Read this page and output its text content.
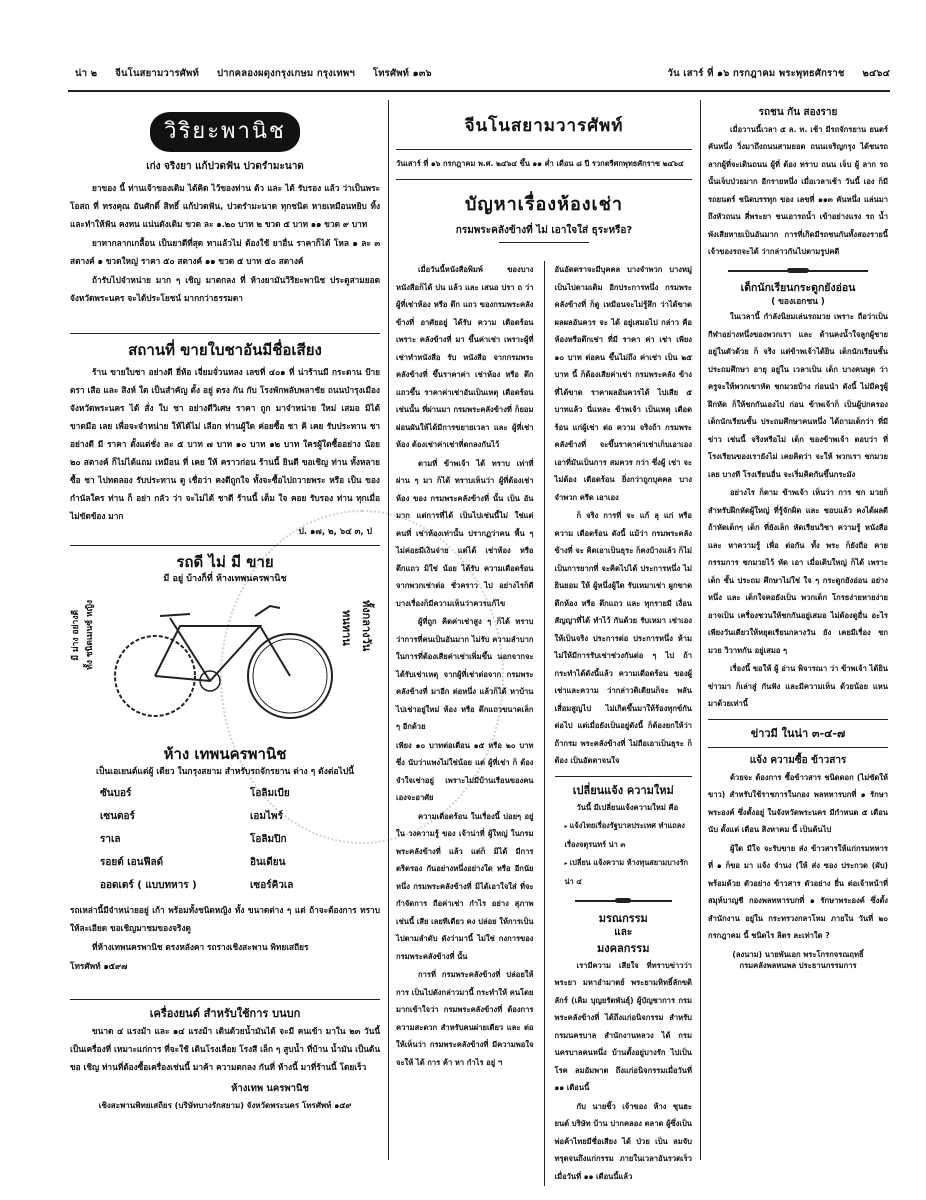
น่า ๒ จีนโนสยามวารศัพท์ ปากคลองผดุงกรุงเกษม กรุงเทพฯ โทรศัพท์ ๑๓๖	วัน เสาร์ ที่ ๑๖ กรกฎาคม พระพุทธศักราช ๒๔๖๔
วิริยะพานิช
เก่ง จริงยา แก้ปวดฟัน ปวดรำมะนาด

ยาของ นี้ ท่านเจ้าของเดิม ได้คิด ไว้ของท่าน ต้ว และ ได้ รับรอง แล้ว ว่าเป็นพระ โอสถ ที่ ทรงคุณ อันศักดิ์ สิทธิ์ แก้ปวดฟัน, ปวดรำมะนาด ทุกชนิด หายเหมือนหยิบ ทิ้ง และทำให้ฟัน คงทน แน่นดังเดิม ขวด ละ ๑.๒๐ บาท ๒ ขวด ๕ บาท ๑๑ ขวด ๙ บาท

ยาทากลากเกลื้อน เป็นยาดีที่สุด ทาแล้วไม่ ต้องใช้ ยาอื่น ราคาก็ได้ โหล ๑ ละ ๓ สตางค์ ๑ ขวดใหญ่ ราคา ๕๐ สตางค์ ๑๑ ขวด ๕ บาท ๕๐ สตางค์

ถ้ารับไปจำหน่าย มาก ๆ เชิญ มาตกลง ที่ ห้างยามันวิริยะพานิช ประตูสามยอด จังหวัดพระนคร จะได้ประโยชน์ มากกว่าธรรมดา

สถานที่ ขายใบชาอันมีชื่อเสียง

ร้าน ขายใบชา อย่างดี ยี่ห้อ เจี่ยมจั่วนหลง เลขที่ ๔๐๑ ที่ น่าร้านมี กระดาน ป้ายตรา เสือ และ สิงห์ ใต เป็นสำคัญ ตั้ง อยู่ ตรง กัน กับ โรงพักพลับพลาชัย ถนนบำรุงเมือง จังหวัดพระนคร ได้ สั่ง ใบ ชา อย่างดีวิเศษ ราคา ถูก มาจำหน่าย ใหม่ เสมอ มิได้ขาดมือ เลย เพื่อจะจำหน่าย ให้ได้ไม่ เลือก ท่านผู้ใด ค่อยซื้อ ชา คิ เคย รับประทาน ชา อย่างดี มี ราคา ตั้งแต่ชั่ง ละ ๕ บาท ๗ บาท ๑๐ บาท ๑๒ บาท ใครผู้ใดซื้ออย่าง น้อย ๒๐ สตางค์ ก็ไม่ได้แถม เหมือน ที่ เคย ให้ คราวก่อน ร้านนี้ ยินดี ขอเชิญ ท่าน ทั้งหลาย ซื้อ ชา ไปทดลอง รับประทาน ดู เชื่อว่า คงดีถูกใจ ทั้งจะซื้อไปถวายพระ หรือ เป็น ของ กำนัลใคร ท่าน ก็ อย่า กลัว ว่า จะไม่ได้ ชาดี ร้านนี้ เต็ม ใจ คอย รับรอง ท่าน ทุกเมื่อ ไม่ขัดข้อง มาก

ป. ๑๗, ๒, ๖๔ ๓, ป
รถดี ไม่ มี ขาย
มี อยู่ บ้างก็ที่ ห้างเทพนครพานิช
มี ม่าง อย่างดี ทั้ง ชนิดเมนซ์ หญิง	ทนทาน ทั้งกลางวัน
ห้าง เทพนครพานิช
เป็นเอเยนต์แต่ผู้ เดียว ในกรุงสยาม สำหรับรถจักรยาน ต่าง ๆ ดังต่อไปนี้
ซันบอร์	โอลิมเบีย
เซนตอร์	เอมไพร์
ราเล	โอลิมปิก
รอยต์ เอนฟีลด์	อินเดียน
ออดเตร์ ( แบบทหาร )	เซอร์คิวเล

รถเหล่านี้มีจำหน่ายอยู่ เก้า พร้อมทั้งชนิดหญิง ทั้ง ขนาดต่าง ๆ แต่ ถ้าจะต้องการ ทราบให้ละเอียด ขอเชิญมาชมของจริงดู

ที่ห้างเทพนครพานิช ตรงหลังคา รถรางเชิงสะพาน พิทยเสถียร

โทรศัพท์ ๑๕๙๗

เครื่องยนต์ สำหรับใช้การ บนบก

ขนาด ๔ แรงม้า และ ๑๔ แรงม้า เดินด้วยน้ำมันได้ จะมี คนเข้า มาใน ๒๓ วันนี้ เป็นเครื่องที่ เหมาะแก่การ ที่จะใช้ เดินโรงเลื่อย โรงสี เล็ก ๆ สูบน้ำ ที่บ้าน น้ำมัน เป็นต้น ขอ เชิญ ท่านที่ต้องซื้อเครื่องเช่นนี้ มาค้า ความตกลง กันที่ ห้างนี้ มาที่ร้านนี้ โดยเร็ว

ห้างเทพ นครพานิช
เชิงสะพานพิทยเสถียร (บริษัทบางรักสยาม) จังหวัดพระนคร โทรศัพท์ ๑๕๙
จีนโนสยามวารศัพท์
วันเสาร์ ที่ ๑๖ กรกฎาคม พ.ศ. ๒๔๖๔ ขึ้น ๑๑ ค่ำ เดือน ๘ ปี รวกตรีศกพุทธศักราช ๒๔๖๔
บัญหาเรื่องห้องเช่า
กรมพระคลังข้างที่ ไม่ เอาใจใส่ ธุระหรือ?

เมื่อวันนี้หนังสือพิมพ์ ของบางหนังสือก็ได้ บ่น แล้ว และ เสนอ ปรา ถ ว่า ผู้ที่เช่าห้อง หรือ ตึก แถว ของกรมพระคลังข้างที่ อาศัยอยู่ ได้รับ ความ เดือดร้อน เพราะ คลังข้างที่ มา ขึ้นค่าเช่า เพราะผู้ที่เช่าทำหนังสือ รับ หนังสือ จากกรมพระคลังข้างที่ ขึ้นราคาค่า เช่าห้อง หรือ ตึก แถวขึ้น ราคาค่าเช่าอันเป็นเหตุ เดือดร้อน เช่นนั้น ที่ผ่านมา กรมพระคลังข้างที่ ก็ยอมผ่อนผันให้ได้มีการขยายเวลา และ ผู้ที่เช่าห้อง ต้องเช่าค่าเช่าที่ตกลงกันไว้

ตามที่ ข้าพเจ้า ได้ ทราบ เท่าที่ ผ่าน ๆ มา ก็ได้ ทราบเห็นว่า ผู้ที่ต้องเช่า ห้อง ของ กรมพระคลังข้างที่ นั้น เป็น อันมาก แต่การที่ได้ เป็นไปเช่นนี้ไม่ ใช่แต่ คนที่ เช่าห้องเท่านั้น ปรากฏว่าคน พื้น ๆ ไม่ค่อยมีเงินจ่าย แต่ได้ เช่าห้อง หรือ ตึกแถว มิใช่ น้อย ได้รับ ความเดือดร้อน จากพวกเช่าต่อ ชั่วคราว ไป อย่างไรก็ดี บางเรื่องก็มีความเห็นว่าควรแก้ไข

ผู้ที่ถูก คิดค่าเช่าสูง ๆ ก็ได้ ทราบ ว่าการที่คนเป็นอันมาก ไม่รับ ความลำบาก ในการที่ต้องเสียค่าเช่าเพิ่มขึ้น นอกจากจะได้รับเช่าเหตุ จากผู้ที่เช่าต่อจาก กรมพระคลังข้างที่ มาอีก ต่อหนึ่ง แล้วก็ได้ หาบ้าน ไปเช่าอยู่ใหม่ ห้อง หรือ ตึกแถวขนาดเล็ก ๆ อีกด้วย

เพียง ๑๐ บาทต่อเดือน ๑๕ หรือ ๒๐ บาท ซึ่ง นับว่าแพงไม่ใช่น้อย แต่ ผู้ที่เช่า ก็ ต้องจำใจเช่าอยู่ เพราะไม่มีบ้านเรือนของคนเองจะอาศัย

ความเดือดร้อน ในเรื่องนี้ บ่อยๆ อยู่ใน วงความรู้ ของ เจ้าน่าที่ ผู้ใหญ่ ในกรมพระคลังข้างที่ แล้ว แต่ก็ มิได้ มีการ ตริตรอง กันอย่างหนึ่งอย่างใด หรือ อีกนัยหนึ่ง กรมพระคลังข้างที่ มิได้เอาใจใส่ ที่จะ กำจัดการ ถือค่าเช่า กำไร อย่าง สุภาพ เช่นนี้ เสีย เลยทีเดียว คง ปล่อย ให้การเป็นไปตามลำดับ ดังว่ามานี้ ไม่ใช่ กงการของกรมพระคลังข้างที่ นั้น

การที่ กรมพระคลังข้างที่ ปล่อยให้ การ เป็นไปดังกล่าวมานี้ กระทำให้ คนโดยมากเข้าใจว่า กรมพระคลังข้างที่ ต้องการความสะดวก สำหรับคนผ่ายเดียว และ ต่อให้เห็นว่า กรมพระคลังข้างที่ มีความพอใจ จะให้ ได้ การ ค้า หา กำไร อยู่ ฯ

อันอัตตราจะมีบุคคล บางจำพวก บางหมู่ เป็นไปตามเดิม อีกประการหนึ่ง กรมพระคลังข้างที่ ก็ดู เหมือนจะไม่รู้สึก ว่าได้ขาด ผลผลอันควร จะ ได้ อยู่เสมอไป กล่าว คือ ห้องหรือตึกเช่า ที่มี ราคา ค่า เช่า เพียง ๑๐ บาท ต่อคน ขึ้นไม่ถึง ค่าเช่า เป็น ๒๕ บาท นี้ ก็ต้องเสียค่าเช่า กรมพระคลัง ข้างที่ได้ขาด ราคาผลอันควรได้ ไปเสีย ๕ บาทแล้ว นี่แหละ ข้าพเจ้า เป็นเหตุ เดือดร้อน แก่ผู้เช่า ต่อ ความ จริงถ้า กรมพระคลังข้างที่ จะขึ้นราคาค่าเช่าเก็บเอาเอง เอาที่มันเป็นการ สมควร กว่า ซึ่งผู้ เช่า จะไม่ต้อง เดือดร้อน ยิ่งกว่าถูกบุคคล บางจำพวก ครีด เอาเอง

ก็ จริง การที่ จะ แก้ ลุ แก่ หรือ ความ เดือดร้อน ดังนี้ แม้ว่า กรมพระคลังข้างที่ จะ คิดเอาเป็นธุระ ก็คงบ้างแล้ว ก็ไม่ เป็นการยากที่ จะคิดไปได้ ประการหนึ่ง ไม่ ยินยอม ให้ ผู้หนึ่งผู้ใด รับเหมาเช่า ผูกขาด ตึกห้อง หรือ ตึกแถว และ ทุกรายมี เงื่อนสัญญาที่ได้ ทำไว้ กันด้วย รับเหมา เช่าเอง ให้เป็นจริง ประการต่อ ประการหนึ่ง ห้ามไม่ให้มีการรับเช่าช่วงกันต่อ ๆ ไป ถ้ากระทำได้ดังนี้แล้ว ความเดือดร้อน ของผู้เช่าและความ ว่ากล่าวติเตียนก็จะ พลัน เสื่อมสูญไป ไม่เกิดขึ้นมาให้ร้องทุกข์กัน ต่อไป แต่เมื่อยังเป็นอยู่ดังนี้ ก็ต้องยกให้ว่า ถ้ากรม พระคลังข้างที่ ไม่ถือเอาเป็นธุระ ก็ต้อง เป็นอัตตาจนใจ

เปลี่ยนแจ้ง ความใหม่

วันนี้ มีเปลี่ยนแจ้งความใหม่ คือ

▸ แจ้งไทยเรื่องรัฐบาลประเทศ ทำแถลงเรื่องจตุรนทร์ น่า ๓
▸ เปลี่ยน แจ้งความ ห้างทุนสยามบางรัก น่า ๔
มรณกรรม
และ
มงคลกรรม

เรามีความ เสียใจ ที่ทราบข่าวว่า พระยา มหาอำมาตย์ พระยามหิทธิ์ลักขติลักร์ (เคิม บุญยรัตพันธุ์) ผู้บัญชาการ กรม พระคลังข้างที่ ได้ถึงแก่อนิจกรรม สำหรับกรมนครบาล สำนักงานหลวง ได้ กรมนครบาลคนหนึ่ง บ้านตั้งอยู่บางรัก ไปเป็นโรค ลมอัมพาต ถึงแก่อนิจกรรมเมื่อวันที่ ๑๑ เดือนนี้

กับ นายชิ้ว เจ้าของ ห้าง ชุนฮะ ยนต์ บริษัท บ้าน ปากคลอง ตลาด ผู้ซึ่งเป็น พ่อค้าไทยมีชื่อเสียง ได้ ป่วย เป็น ลมจับ ทรุดจนถึงแก่กรรม ภายในเวลาอันรวดเร็ว เมื่อวันที่ ๑๑ เดือนนี้แล้ว

รถชน กัน สองราย

เมื่อวานนี้เวลา ๕ ล. ท. เช้า มีรถจักรยาน ยนตร์ คันหนึ่ง วิ่งมาถึงถนนสามยอด ถนนเจริญกรุง ได้ชนรถลากผู้ที่จะเดินถนน ผู้ที่ ต้อง ทราบ ถนน เจ็บ ผู้ ลาก รถนั้นเจ็บป่วยมาก อีกรายหนึ่ง เมื่อเวลาเช้า วันนี้ เอง ก็มีรถยนตร์ ชนิดบรรทุก ของ เลขที่ ๑๑๓ คันหนึ่ง แล่นมาถึงหัวถนน สี่พระยา ชนเอารถน้ำ เข้าอย่างแรง รถ น้ำพังเสียหายเป็นอันมาก การที่เกิดมีรถชนกันทั้งสองรายนี้ เจ้าของรถจะได้ ว่ากล่าวกันไปตามรูปคดี

เด็กนักเรียนกระดูกยังอ่อน
( ของเอกชน )

ในเวลานี้ กำลังนิยมเล่นรถมวย เพราะ ถือว่าเป็นกีฬาอย่างหนึ่งของพวกเรา และ ด้านคงน้ำใจลูกผู้ชาย อยู่ในตัวด้วย ก็ จริง แต่ข้าพเจ้าได้ยิน เด็กนักเรียนชั้นประถมศึกษา อายุ อยู่ใน เวลาเป็น เด็ก บางคนพูด ว่า ครูจะให้พวกเขาหัด ชกมวยบ้าง ก่อนนำ ดังนี้ ไม่มีครูผู้ฝึกหัด ก็ให้ชกกันเองไป ก่อน ข้าพเจ้าก็ เป็นผู้ปกครองเด็กนักเรียนชั้น ประถมศึกษาคนหนึ่ง ได้ถามเด็กว่า ที่มี ข่าว เช่นนี้ จริงหรือไม่ เด็ก ของข้าพเจ้า ตอบว่า ที่ โรงเรียนของเรายังไม่ เคยคิดว่า จะให้ พวกเรา ชกมวยเลย บางที โรงเรียนอื่น จะเริ่มคิดกันขึ้นกระมัง

อย่างไร ก็ตาม ข้าพเจ้า เห็นว่า การ ชก มวยก็สำหรับฝึกหัดผู้ใหญ่ ที่รู้จักผิด และ ชอบแล้ว คงได้ผลดี ถ้าหัดเด็กๆ เด็ก ที่ยังเล็ก หัดเรียนวิชา ความรู้ หนังสือ และ หาความรู้ เพื่อ ต่อกัน ทั้ง พระ ก็ยังถือ คายกรรมการ ชกมวยไว้ หัด เอา เมื่อเติบใหญ่ ก็ได้ เพราะเด็ก ชั้น ประถม ศึกษาไม่ใช่ ใจ ๆ กระดูกยังอ่อน อย่างหนึ่ง และ เด็กใจคอยังเป็น พวกเด็ก โกรธง่ายหายง่าย อาจเป็น เครื่องชวนให้ชกกันอยู่เสมอ ไม่ต้องดูอื่น อะไร เพียงวันเดียวให้หยุดเรียนกลางวัน ยัง เคยมีเรื่อง ชก มวย วิวาทกัน อยู่เสมอ ๆ

เรื่องนี้ ขอให้ ผู้ อ่าน พิจารณา ว่า ข้าพเจ้า ได้ยินข่าวมา ก็เล่าสู่ กันฟัง และมีความเห็น ด้วยน้อย แหน มาด้วยเท่านี้

ข่าวมี ในน่า ๓-๔-๗
แจ้ง ความซื้อ ข้าวสาร

ด้วยจะ ต้องการ ซื้อข้าวสาร ชนิดดอก (ไม่ซัดให้ขาว) สำหรับใช้ราชการในกอง พลทหารบกที่ ๑ รักษาพระองค์ ซึ่งตั้งอยู่ ในจังหวัดพระนคร มีกำหนด ๕ เดือน นับ ตั้งแต่ เดือน สิงหาคม นี้ เป็นต้นไป

ผู้ใด มีใจ จะรับขาย ส่ง ข้าวสารให้แก่กรมทหาร ที่ ๑ ก็ขอ มา แจ้ง จำนง (ให้ ส่ง ซอง ประกวด (ผับ) พร้อมด้วย ตัวอย่าง ข้าวสาร ตัวอย่าง ยื่น ต่อเจ้าหน้าที่ สมุห์บาญชี กองพลทหารบกที่ ๑ รักษาพระองค์ ซึ่งตั้ง สำนักงาน อยู่ใน กระทรวงกลาโหม ภายใน วันที่ ๒๐ กรกฎาคม นี้ ชนิดไร ลิตร ละเท่าใด ?

(ลงนาม) นายพันเอก พระโกรกจรณฤทธิ์
กรมคลังพลหนพล ประธานกรรมการ
